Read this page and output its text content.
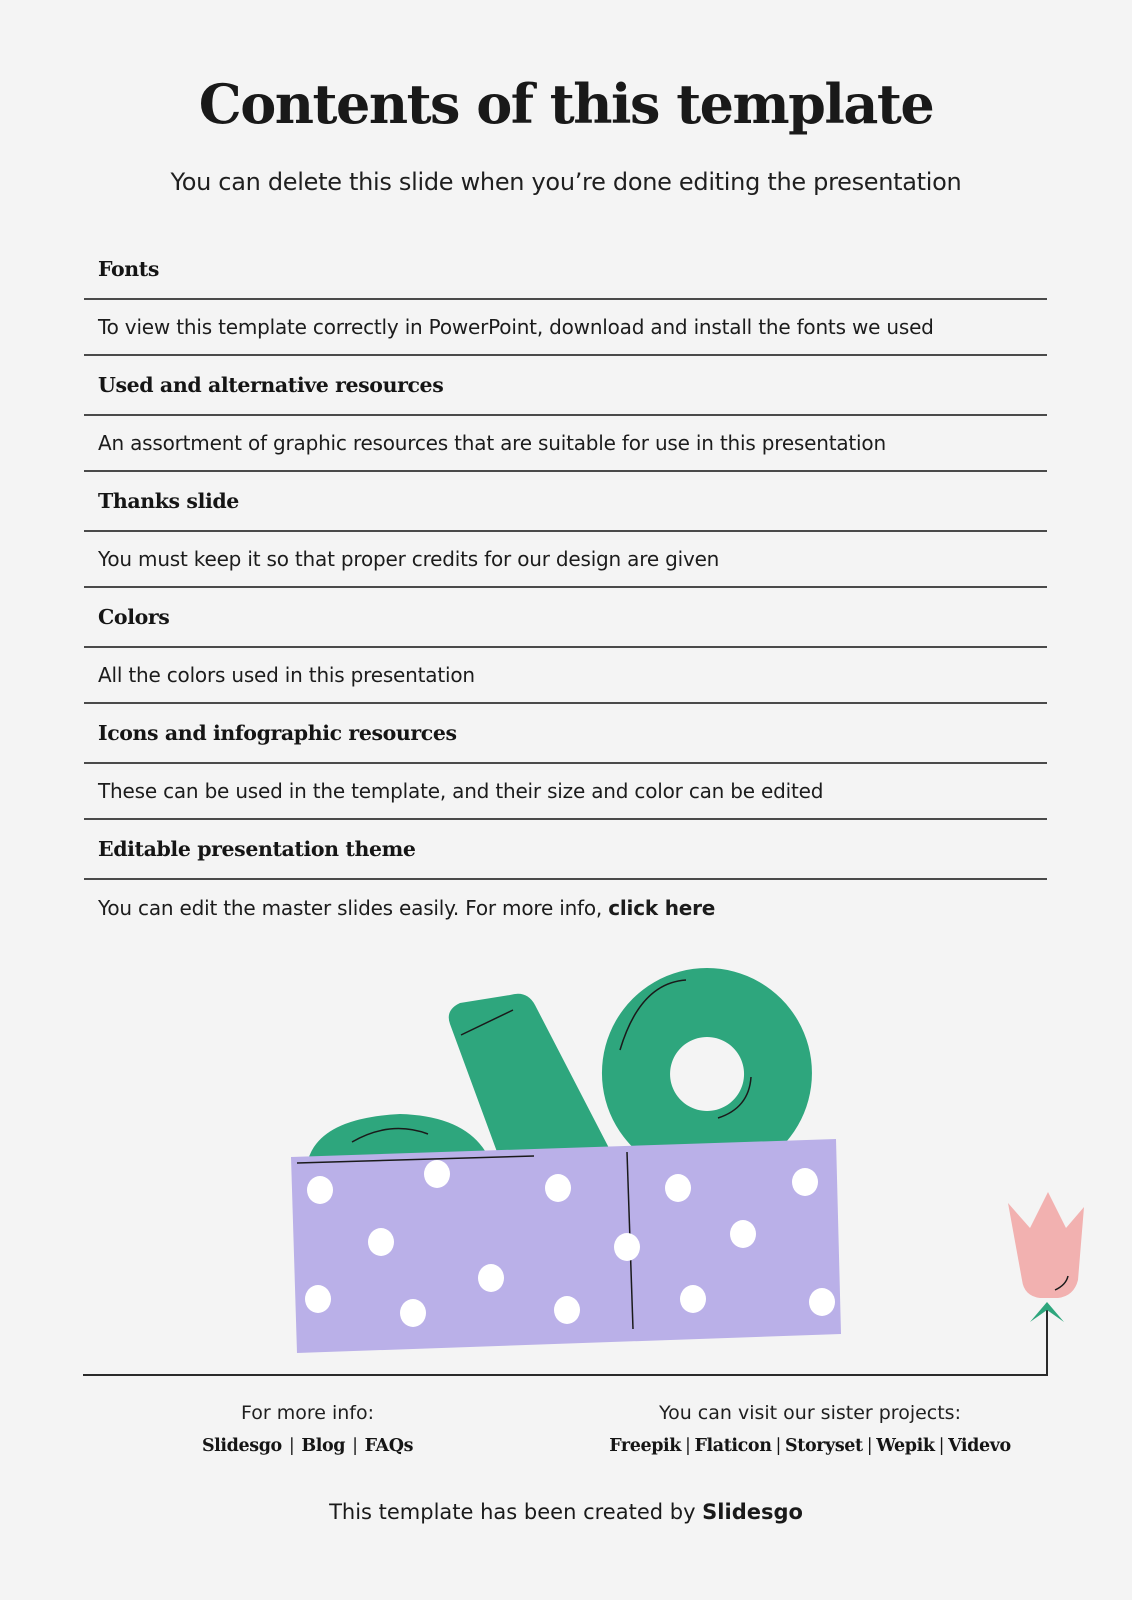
Contents of this template
You can delete this slide when you’re done editing the presentation
Fonts
To view this template correctly in PowerPoint, download and install the fonts we used
Used and alternative resources
An assortment of graphic resources that are suitable for use in this presentation
Thanks slide
You must keep it so that proper credits for our design are given
Colors
All the colors used in this presentation
Icons and infographic resources
These can be used in the template, and their size and color can be edited
Editable presentation theme
You can edit the master slides easily. For more info, click here
For more info:
Slidesgo | Blog | FAQs
You can visit our sister projects:
Freepik | Flaticon | Storyset | Wepik | Videvo
This template has been created by Slidesgo
